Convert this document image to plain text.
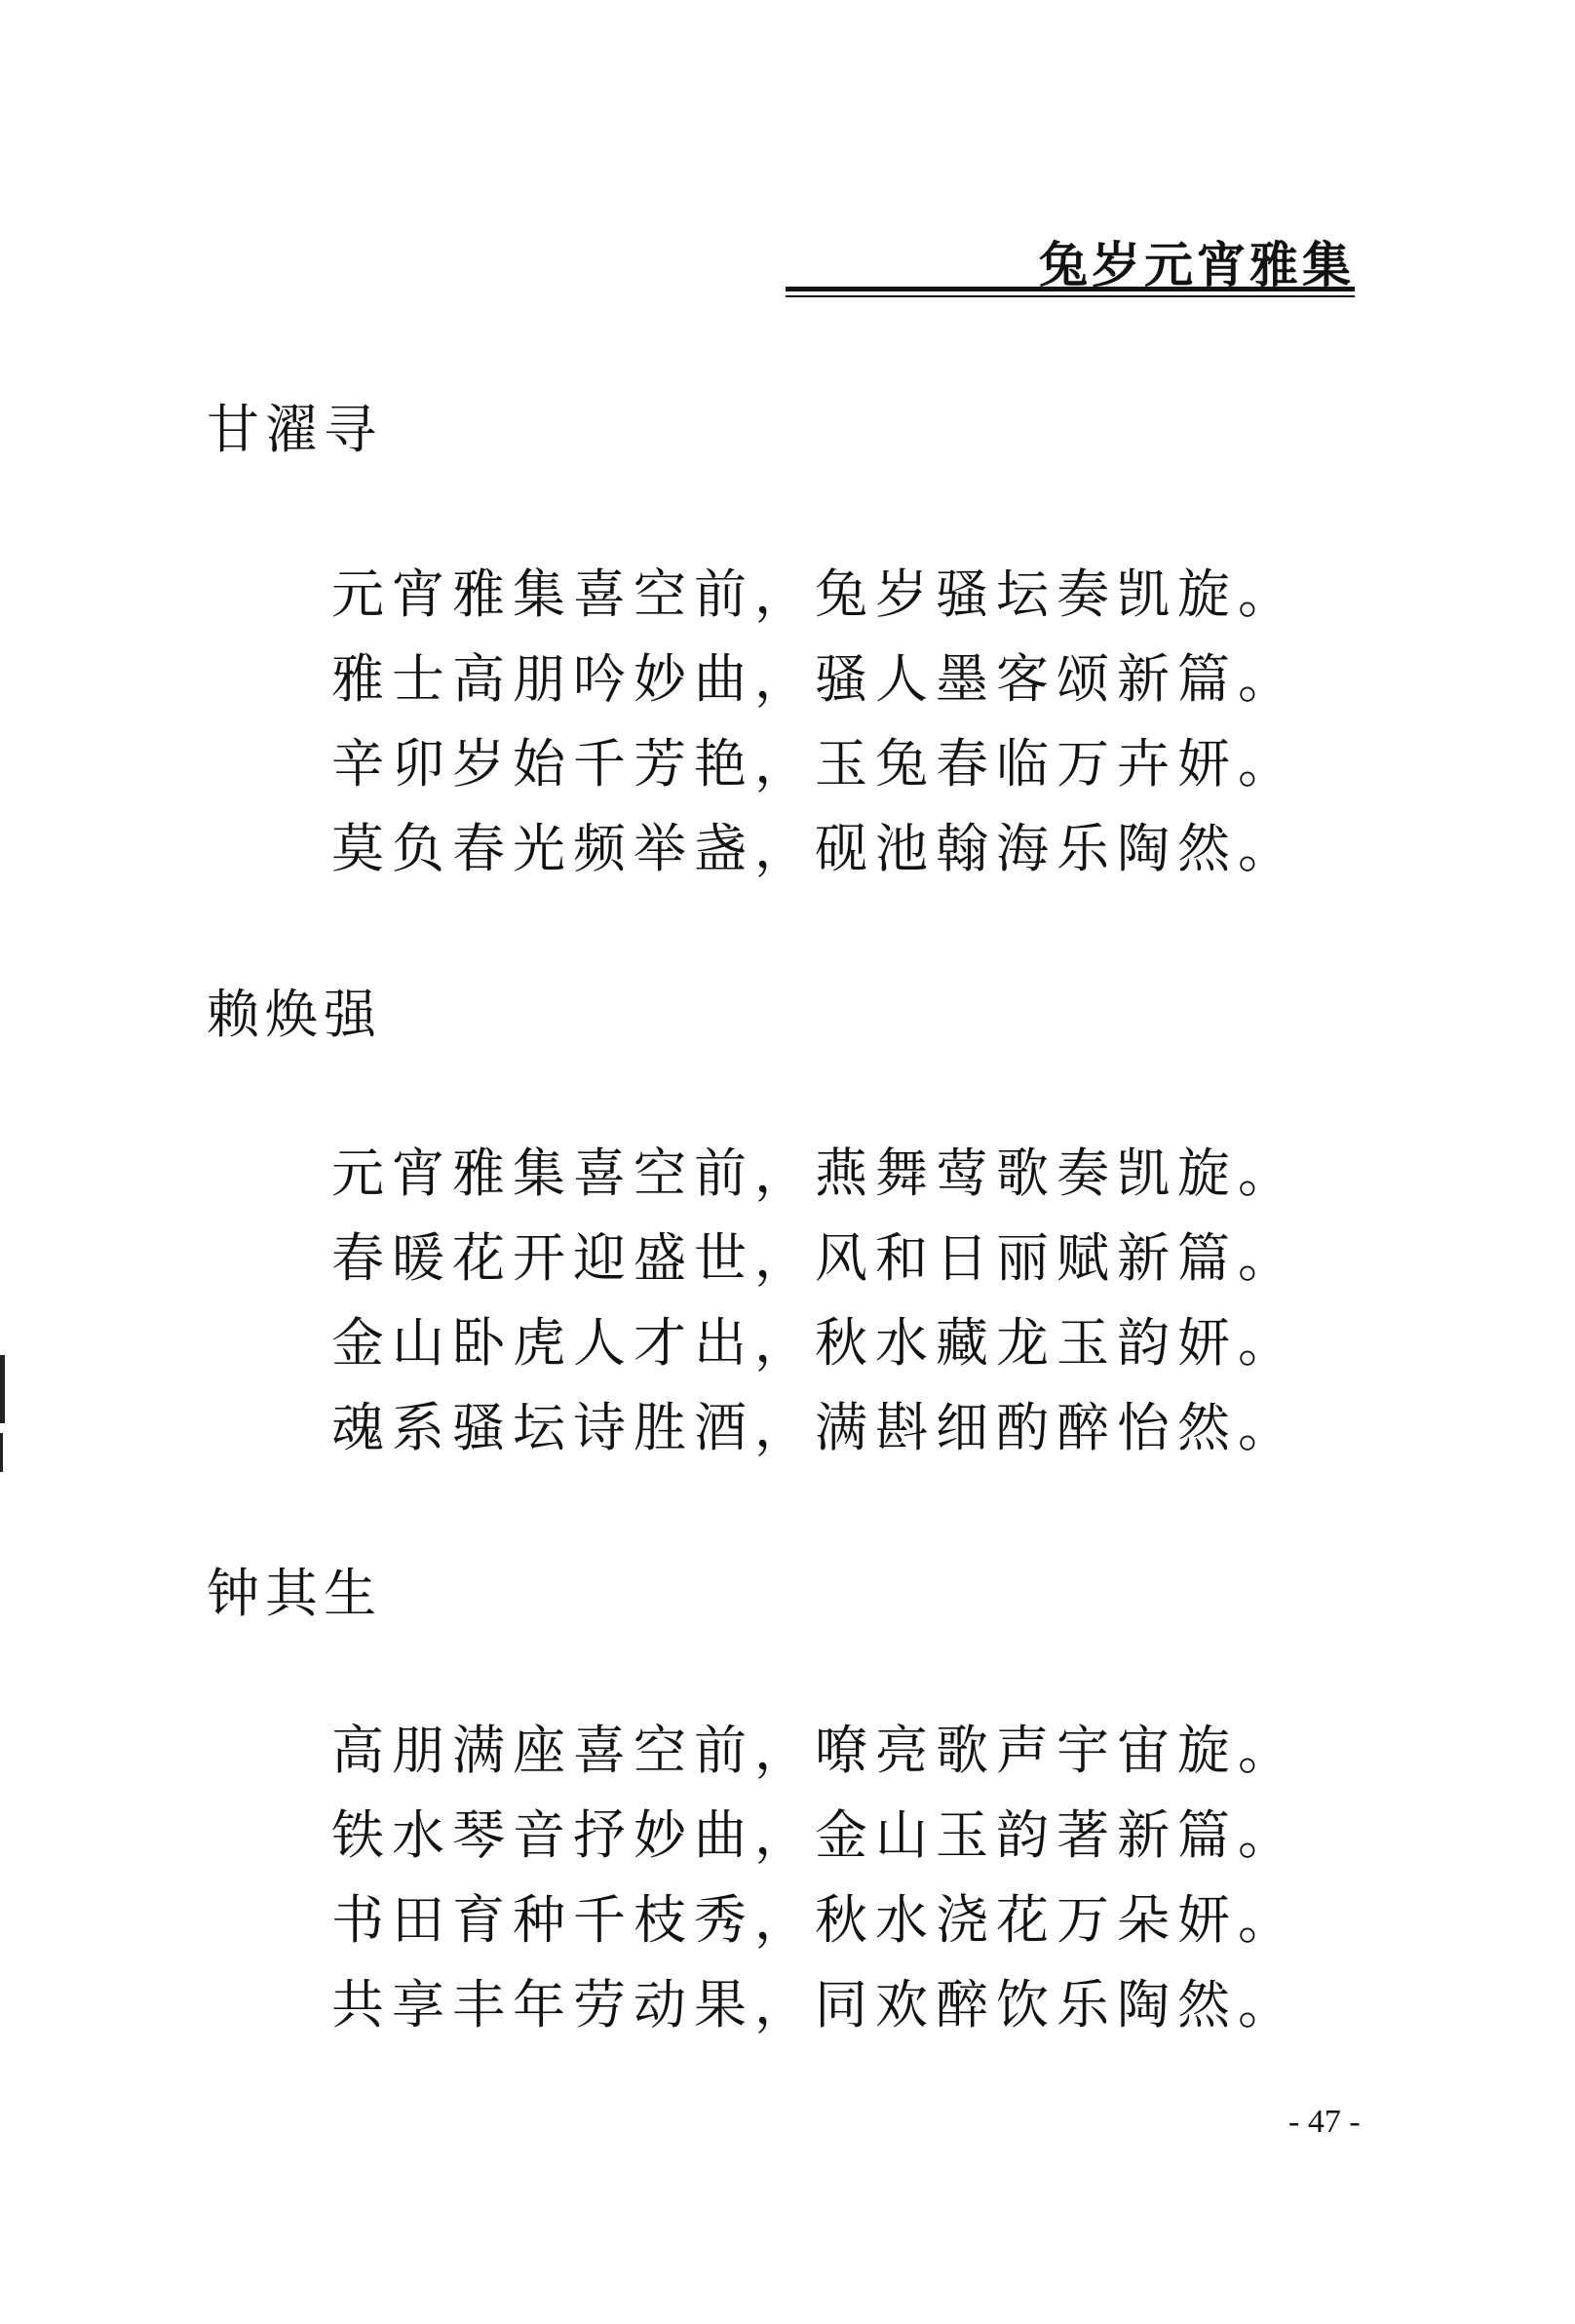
兔岁元宵雅集
甘濯寻
元宵雅集喜空前，兔岁骚坛奏凯旋。
雅士高朋吟妙曲，骚人墨客颂新篇。
辛卯岁始千芳艳，玉兔春临万卉妍。
莫负春光频举盏，砚池翰海乐陶然。
赖焕强
元宵雅集喜空前，燕舞莺歌奏凯旋。
春暖花开迎盛世，风和日丽赋新篇。
金山卧虎人才出，秋水藏龙玉韵妍。
魂系骚坛诗胜酒，满斟细酌醉怡然。
钟其生
高朋满座喜空前，嘹亮歌声宇宙旋。
铁水琴音抒妙曲，金山玉韵著新篇。
书田育种千枝秀，秋水浇花万朵妍。
共享丰年劳动果，同欢醉饮乐陶然。
- 47 -
